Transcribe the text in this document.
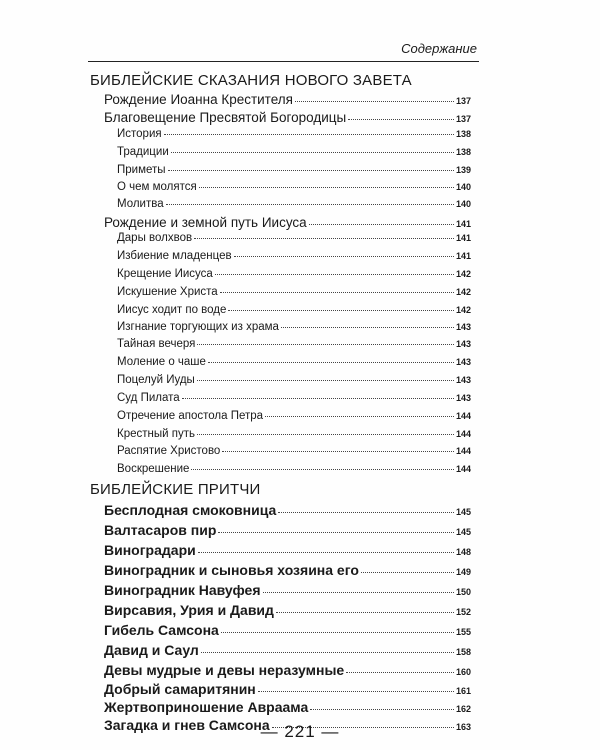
Содержание
БИБЛЕЙСКИЕ СКАЗАНИЯ НОВОГО ЗАВЕТА
Рождение Иоанна Крестителя	137
Благовещение Пресвятой Богородицы	137
История	138
Традиции	138
Приметы	139
О чем молятся	140
Молитва	140
Рождение и земной путь Иисуса	141
Дары волхвов	141
Избиение младенцев	141
Крещение Иисуса	142
Искушение Христа	142
Иисус ходит по воде	142
Изгнание торгующих из храма	143
Тайная вечеря	143
Моление о чаше	143
Поцелуй Иуды	143
Суд Пилата	143
Отречение апостола Петра	144
Крестный путь	144
Распятие Христово	144
Воскрешение	144
БИБЛЕЙСКИЕ ПРИТЧИ
Бесплодная смоковница	145
Валтасаров пир	145
Виноградари	148
Виноградник и сыновья хозяина его	149
Виноградник Навуфея	150
Вирсавия, Урия и Давид	152
Гибель Самсона	155
Давид и Саул	158
Девы мудрые и девы неразумные	160
Добрый самаритянин	161
Жертвоприношение Авраама	162
Загадка и гнев Самсона	163
— 221 —
